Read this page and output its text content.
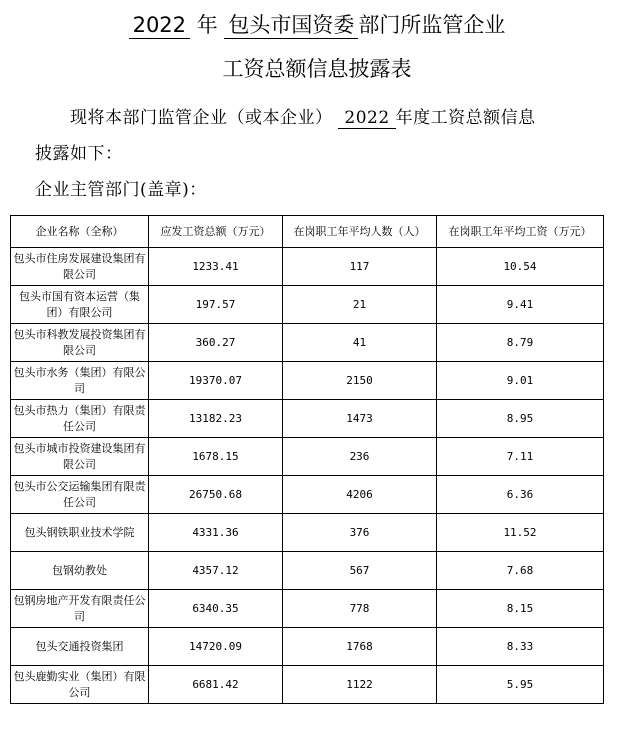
2022 年 包头市国资委 部门所监管企业
工资总额信息披露表
现将本部门监管企业（或本企业） 2022 年度工资总额信息
披露如下：
企业主管部门(盖章)：
企业名称（全称）	应发工资总额（万元）	在岗职工年平均人数（人）	在岗职工年平均工资（万元）
包头市住房发展建设集团有限公司	1233.41	117	10.54
包头市国有资本运营（集团）有限公司	197.57	21	9.41
包头市科教发展投资集团有限公司	360.27	41	8.79
包头市水务（集团）有限公司	19370.07	2150	9.01
包头市热力（集团）有限责任公司	13182.23	1473	8.95
包头市城市投资建设集团有限公司	1678.15	236	7.11
包头市公交运输集团有限责任公司	26750.68	4206	6.36
包头钢铁职业技术学院	4331.36	376	11.52
包钢幼教处	4357.12	567	7.68
包钢房地产开发有限责任公司	6340.35	778	8.15
包头交通投资集团	14720.09	1768	8.33
包头鹿勤实业（集团）有限公司	6681.42	1122	5.95
